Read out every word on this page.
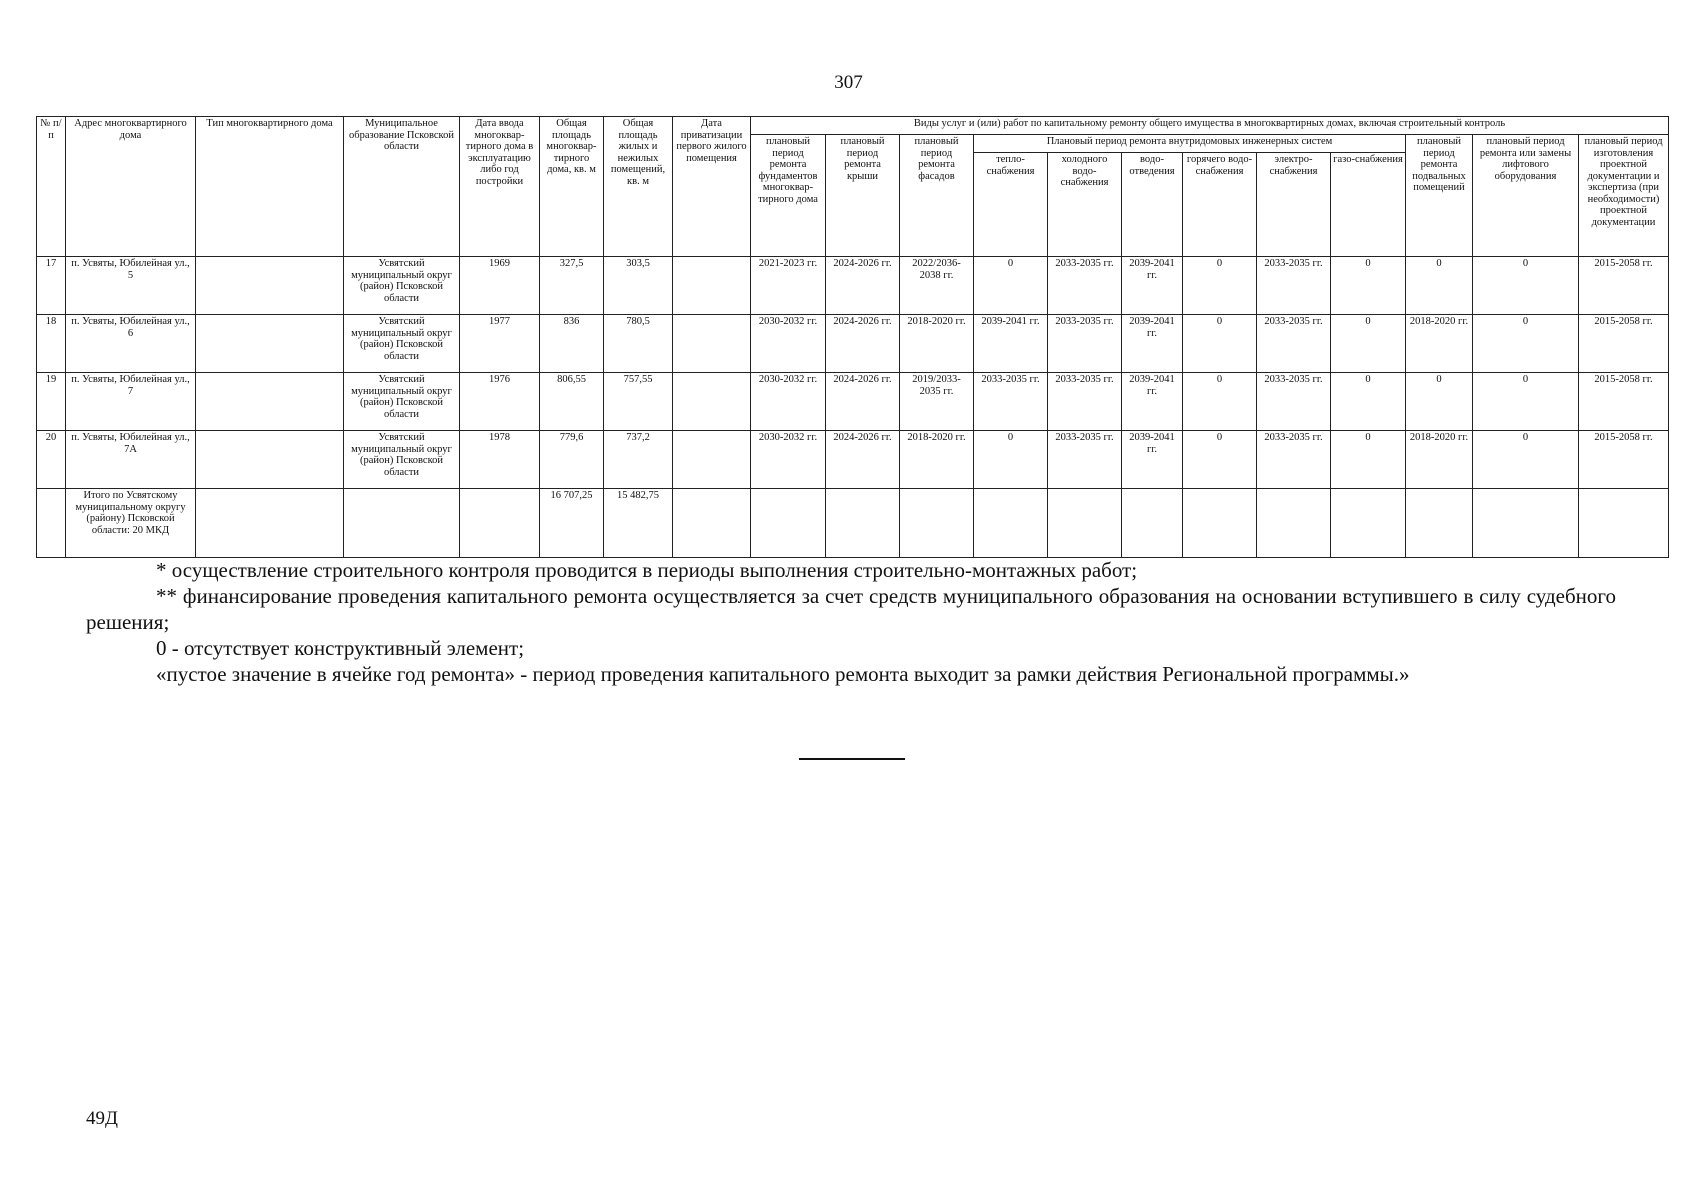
307
№ п/п	Адрес многоквартирного дома	Тип многоквартирного дома	Муниципальное образование Псковской области	Дата ввода многоквар-тирного дома в эксплуатацию либо год постройки	Общая площадь многоквар-тирного дома, кв. м	Общая площадь жилых и нежилых помещений, кв. м	Дата приватизации первого жилого помещения	Виды услуг и (или) работ по капитальному ремонту общего имущества в многоквартирных домах, включая строительный контроль											
								плановый период ремонта фундаментов многоквар-тирного дома	плановый период ремонта крыши	плановый период ремонта фасадов	Плановый период ремонта внутридомовых инженерных систем						плановый период ремонта подвальных помещений	плановый период ремонта или замены лифтового оборудования	плановый период изготовления проектной документации и экспертиза (при необходимости) проектной документации
											тепло-снабжения	холодного водо-снабжения	водо-отведения	горячего водо-снабжения	электро-снабжения	газо-снабжения			
17	п. Усвяты, Юбилейная ул., 5		Усвятский муниципальный округ (район) Псковской области	1969	327,5	303,5		2021-2023 гг.	2024-2026 гг.	2022/2036-2038 гг.	0	2033-2035 гг.	2039-2041 гг.	0	2033-2035 гг.	0	0	0	2015-2058 гг.
18	п. Усвяты, Юбилейная ул., 6		Усвятский муниципальный округ (район) Псковской области	1977	836	780,5		2030-2032 гг.	2024-2026 гг.	2018-2020 гг.	2039-2041 гг.	2033-2035 гг.	2039-2041 гг.	0	2033-2035 гг.	0	2018-2020 гг.	0	2015-2058 гг.
19	п. Усвяты, Юбилейная ул., 7		Усвятский муниципальный округ (район) Псковской области	1976	806,55	757,55		2030-2032 гг.	2024-2026 гг.	2019/2033-2035 гг.	2033-2035 гг.	2033-2035 гг.	2039-2041 гг.	0	2033-2035 гг.	0	0	0	2015-2058 гг.
20	п. Усвяты, Юбилейная ул., 7А		Усвятский муниципальный округ (район) Псковской области	1978	779,6	737,2		2030-2032 гг.	2024-2026 гг.	2018-2020 гг.	0	2033-2035 гг.	2039-2041 гг.	0	2033-2035 гг.	0	2018-2020 гг.	0	2015-2058 гг.
	Итого по Усвятскому муниципальному округу (району) Псковской области: 20 МКД				16 707,25	15 482,75													

* осуществление строительного контроля проводится в периоды выполнения строительно-монтажных работ;

** финансирование проведения капитального ремонта осуществляется за счет средств муниципального образования на основании вступившего в силу судебного решения;

0 - отсутствует конструктивный элемент;

«пустое значение в ячейке год ремонта» - период проведения капитального ремонта выходит за рамки действия Региональной программы.»

49Д
